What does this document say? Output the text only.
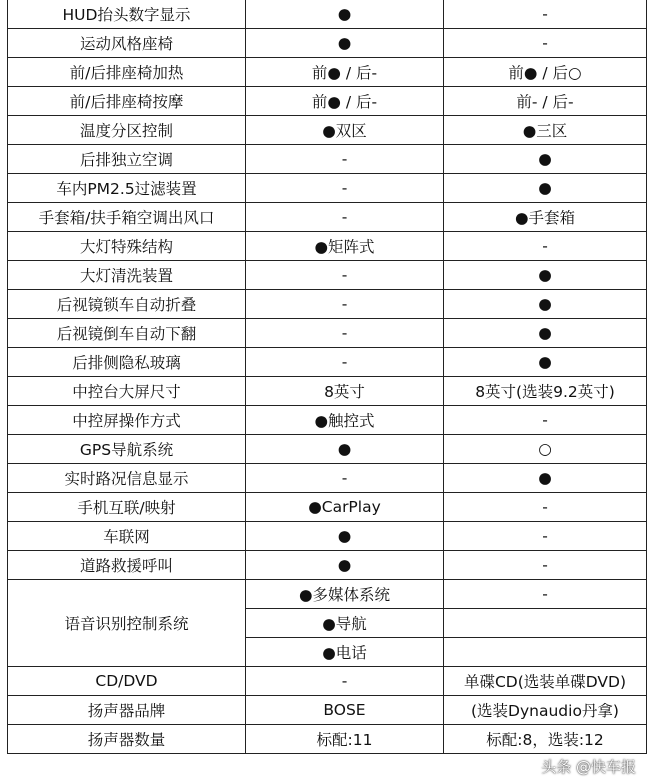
HUD抬头数字显示	●	-
运动风格座椅	●	-
前/后排座椅加热	前● / 后-	前● / 后○
前/后排座椅按摩	前● / 后-	前- / 后-
温度分区控制	●双区	●三区
后排独立空调	-	●
车内PM2.5过滤装置	-	●
手套箱/扶手箱空调出风口	-	●手套箱
大灯特殊结构	●矩阵式	-
大灯清洗装置	-	●
后视镜锁车自动折叠	-	●
后视镜倒车自动下翻	-	●
后排侧隐私玻璃	-	●
中控台大屏尺寸	8英寸	8英寸(选装9.2英寸)
中控屏操作方式	●触控式	-
GPS导航系统	●	○
实时路况信息显示	-	●
手机互联/映射	●CarPlay	-
车联网	●	-
道路救援呼叫	●	-
语音识别控制系统	●多媒体系统	-
	●导航	
	●电话	
CD/DVD	-	单碟CD(选装单碟DVD)
扬声器品牌	BOSE	(选装Dynaudio丹拿)
扬声器数量	标配:11	标配:8，选装:12
头条 @快车报
